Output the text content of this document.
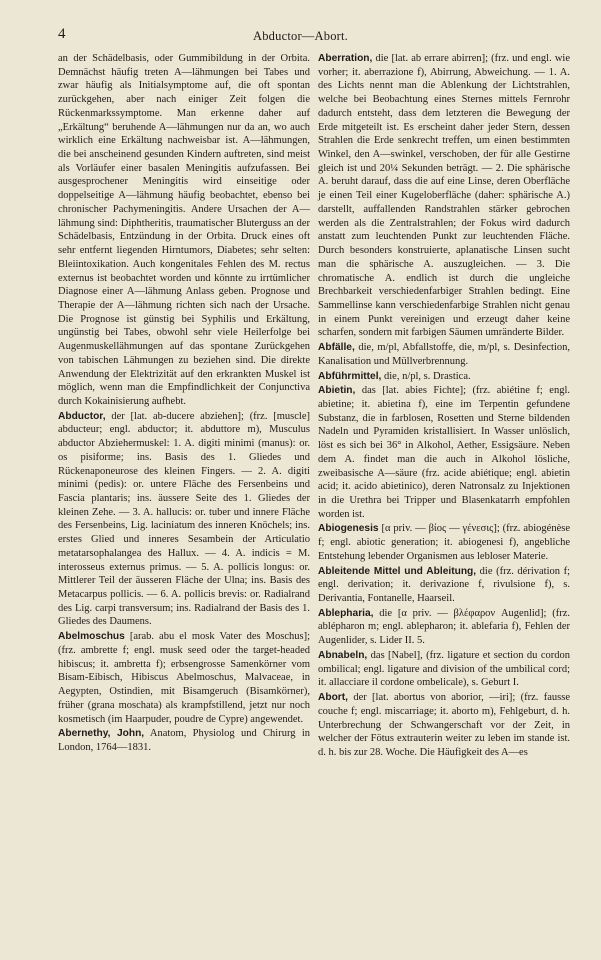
4	Abductor—Abort.

an der Schädelbasis, oder Gummibildung in der Orbita. Demnächst häufig treten A—lähmungen bei Tabes und zwar häufig als Initialsymptome auf, die oft spontan zurückgehen, aber nach einiger Zeit folgen die Rückenmarkssymptome. Man erkenne daher auf „Erkältung“ beruhende A—lähmungen nur da an, wo auch wirklich eine Erkältung nachweisbar ist. A—lähmungen, die bei anscheinend gesunden Kindern auftreten, sind meist als Vorläufer einer basalen Meningitis aufzufassen. Bei ausgesprochener Meningitis wird einseitige oder doppelseitige A—lähmung häufig beobachtet, ebenso bei chronischer Pachymeningitis. Andere Ursachen der A—lähmung sind: Diphtheritis, traumatischer Bluterguss an der Schädelbasis, Entzündung in der Orbita. Druck eines oft sehr entfernt liegenden Hirntumors, Diabetes; sehr selten: Bleiintoxikation. Auch kongenitales Fehlen des M. rectus externus ist beobachtet worden und könnte zu irrtümlicher Diagnose einer A—lähmung Anlass geben. Prognose und Therapie der A—lähmung richten sich nach der Ursache. Die Prognose ist günstig bei Syphilis und Erkältung, ungünstig bei Tabes, obwohl sehr viele Heilerfolge bei Augenmuskellähmungen auf das spontane Zurückgehen von tabischen Lähmungen zu beziehen sind. Die direkte Anwendung der Elektrizität auf den erkrankten Muskel ist möglich, wenn man die Empfindlichkeit der Conjunctiva durch Kokainisierung aufhebt.

Abductor, der [lat. ab-ducere abziehen]; (frz. [muscle] abducteur; engl. abductor; it. abduttore m), Musculus abductor Abziehermuskel: 1. A. digiti minimi (manus): or. os pisiforme; ins. Basis des 1. Gliedes und Rückenaponeurose des kleinen Fingers. — 2. A. digiti minimi (pedis): or. untere Fläche des Fersenbeins und Fascia plantaris; ins. äussere Seite des 1. Gliedes der kleinen Zehe. — 3. A. hallucis: or. tuber und innere Fläche des Fersenbeins, Lig. laciniatum des inneren Knöchels; ins. erstes Glied und inneres Sesambein der Articulatio metatarsophalangea des Hallux. — 4. A. indicis = M. interosseus externus primus. — 5. A. pollicis longus: or. Mittlerer Teil der äusseren Fläche der Ulna; ins. Basis des Metacarpus pollicis. — 6. A. pollicis brevis: or. Radialrand des Lig. carpi transversum; ins. Radialrand der Basis des 1. Gliedes des Daumens.

Abelmoschus [arab. abu el mosk Vater des Moschus]; (frz. ambrette f; engl. musk seed oder the target-headed hibiscus; it. ambretta f); erbsengrosse Samenkörner vom Bisam-Eibisch, Hibiscus Abelmoschus, Malvaceae, in Aegypten, Ostindien, mit Bisamgeruch (Bisamkörner), früher (grana moschata) als krampfstillend, jetzt nur noch kosmetisch (im Haarpuder, poudre de Cypre) angewendet.

Abernethy, John, Anatom, Physiolog und Chirurg in London, 1764—1831.

Aberration, die [lat. ab errare abirren]; (frz. und engl. wie vorher; it. aberrazione f), Abirrung, Abweichung. — 1. A. des Lichts nennt man die Ablenkung der Lichtstrahlen, welche bei Beobachtung eines Sternes mittels Fernrohr dadurch entsteht, dass dem letzteren die Bewegung der Erde mitgeteilt ist. Es erscheint daher jeder Stern, dessen Strahlen die Erde senkrecht treffen, um einen bestimmten Winkel, den A—swinkel, verschoben, der für alle Gestirne gleich ist und 20¼ Sekunden beträgt. — 2. Die sphärische A. beruht darauf, dass die auf eine Linse, deren Oberfläche je einen Teil einer Kugeloberfläche (daher: sphärische A.) darstellt, auffallenden Randstrahlen stärker gebrochen werden als die Zentralstrahlen; der Fokus wird dadurch anstatt zum leuchtenden Punkt zur leuchtenden Fläche. Durch besonders konstruierte, aplanatische Linsen sucht man die sphärische A. auszugleichen. — 3. Die chromatische A. endlich ist durch die ungleiche Brechbarkeit verschiedenfarbiger Strahlen bedingt. Eine Sammellinse kann verschiedenfarbige Strahlen nicht genau in einem Punkt vereinigen und erzeugt daher keine scharfen, sondern mit farbigen Säumen umränderte Bilder.

Abfälle, die, m/pl, Abfallstoffe, die, m/pl, s. Desinfection, Kanalisation und Müllverbrennung.

Abführmittel, die, n/pl, s. Drastica.

Abietin, das [lat. abies Fichte]; (frz. abiétine f; engl. abietine; it. abietina f), eine im Terpentin gefundene Substanz, die in farblosen, Rosetten und Sterne bildenden Nadeln und Pyramiden kristallisiert. In Wasser unlöslich, löst es sich bei 36° in Alkohol, Aether, Essigsäure. Neben dem A. findet man die auch in Alkohol lösliche, zweibasische A—säure (frz. acide abiétique; engl. abietin acid; it. acido abietinico), deren Natronsalz zu Injektionen in die Urethra bei Tripper und Blasenkatarrh empfohlen worden ist.

Abiogenesis [α priv. — βίος — γένεσις]; (frz. abiogénèse f; engl. abiotic generation; it. abiogenesi f), angebliche Entstehung lebender Organismen aus lebloser Materie.

Ableitende Mittel und Ableitung, die (frz. dérivation f; engl. derivation; it. derivazione f, rivulsione f), s. Derivantia, Fontanelle, Haarseil.

Ablepharia, die [α priv. — βλέφαρον Augenlid]; (frz. ablépharon m; engl. ablepharon; it. ablefaria f), Fehlen der Augenlider, s. Lider II. 5.

Abnabeln, das [Nabel], (frz. ligature et section du cordon ombilical; engl. ligature and division of the umbilical cord; it. allacciare il cordone ombelicale), s. Geburt I.

Abort, der [lat. abortus von aborior, —iri]; (frz. fausse couche f; engl. miscarriage; it. aborto m), Fehlgeburt, d. h. Unterbrechung der Schwangerschaft vor der Zeit, in welcher der Fötus extrauterin weiter zu leben im stande ist. d. h. bis zur 28. Woche. Die Häufigkeit des A—es
